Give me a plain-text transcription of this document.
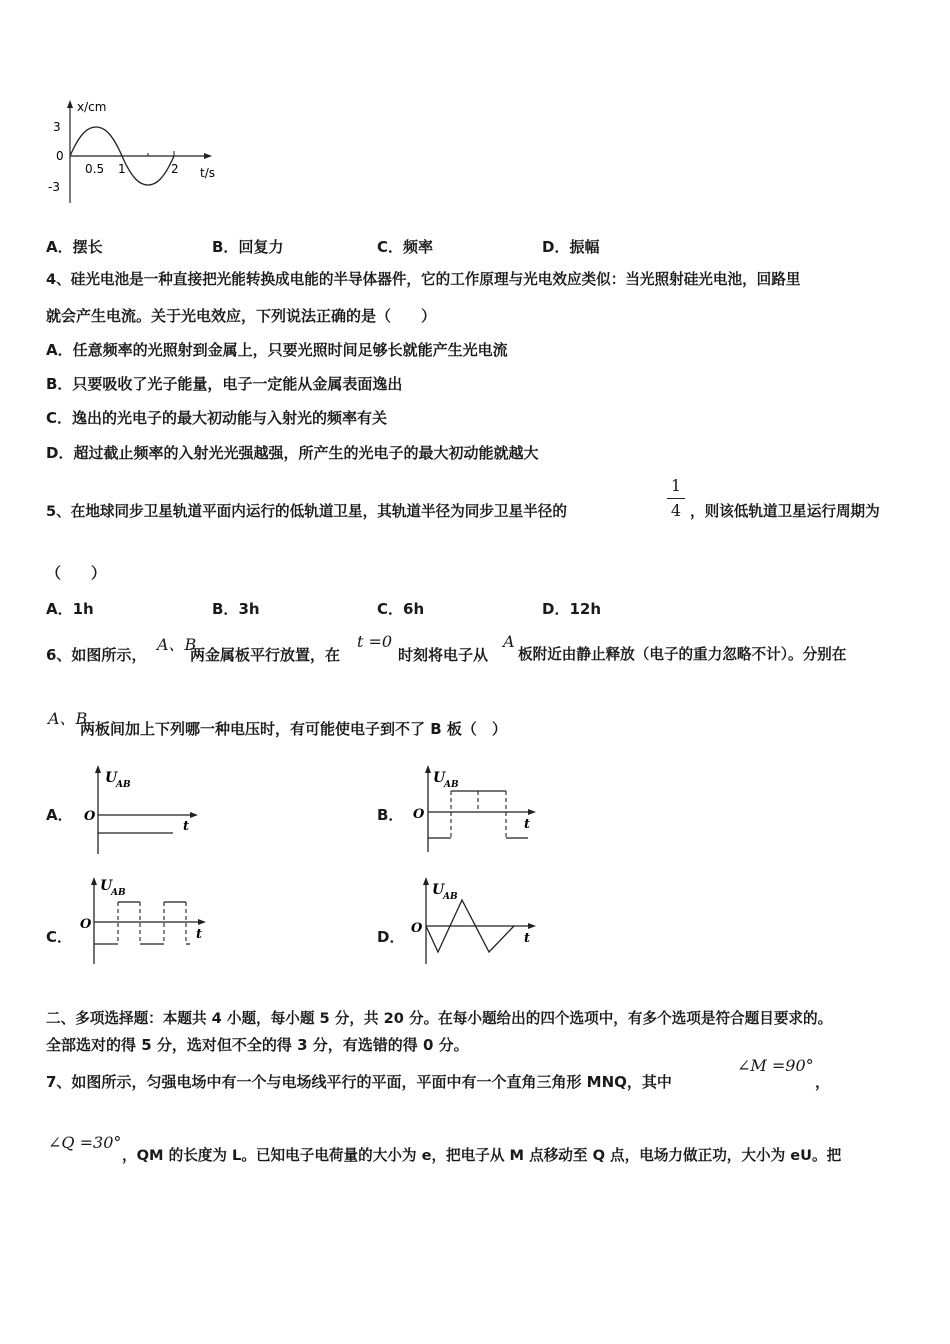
x/cm
t/s
3
0
-3
0.5 1	2
A．摆长	B．回复力	C．频率	D．振幅
4、硅光电池是一种直接把光能转换成电能的半导体器件，它的工作原理与光电效应类似：当光照射硅光电池，回路里
就会产生电流。关于光电效应，下列说法正确的是（　　）
A．任意频率的光照射到金属上，只要光照时间足够长就能产生光电流
B．只要吸收了光子能量，电子一定能从金属表面逸出
C．逸出的光电子的最大初动能与入射光的频率有关
D．超过截止频率的入射光光强越强，所产生的光电子的最大初动能就越大
5、在地球同步卫星轨道平面内运行的低轨道卫星，其轨道半径为同步卫星半径的
1
4 ，则该低轨道卫星运行周期为
（　　）
A．1h	B．3h	C．6h	D．12h
6、如图所示，
A、B
两金属板平行放置，在
t =0
时刻将电子从
A
板附近由静止释放（电子的重力忽略不计）。分别在
A、B
两板间加上下列哪一种电压时，有可能使电子到不了 B 板（　）
A．	B．
C．	D．
U
AB
O
t
U
AB
O
t
U
AB
O
t
U
AB
O
t
二、多项选择题：本题共 4 小题，每小题 5 分，共 20 分。在每小题给出的四个选项中，有多个选项是符合题目要求的。
全部选对的得 5 分，选对但不全的得 3 分，有选错的得 0 分。
7、如图所示，匀强电场中有一个与电场线平行的平面，平面中有一个直角三角形 MNQ，其中
∠M =90°
，
∠Q =30°
，QM 的长度为 L。已知电子电荷量的大小为 e，把电子从 M 点移动至 Q 点，电场力做正功，大小为 eU。把
